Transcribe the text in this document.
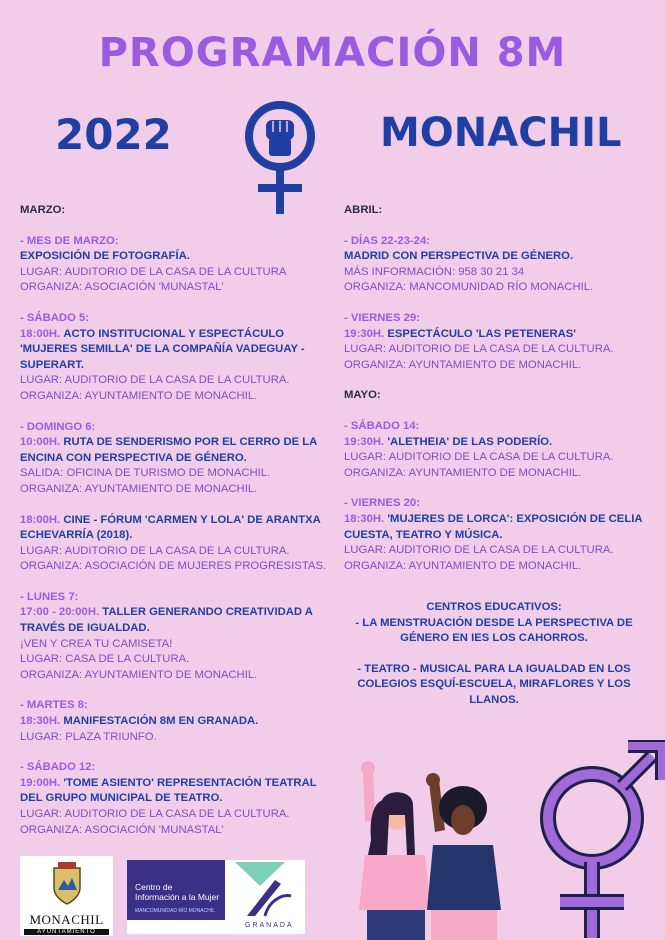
PROGRAMACIÓN 8M
2022	MONACHIL
MARZO:
- MES DE MARZO:
EXPOSICIÓN DE FOTOGRAFÍA.
LUGAR: AUDITORIO DE LA CASA DE LA CULTURA
ORGANIZA: ASOCIACIÓN 'MUNASTAL'
- SÁBADO 5:
18:00H. ACTO INSTITUCIONAL Y ESPECTÁCULO 'MUJERES SEMILLA' DE LA COMPAÑÍA VADEGUAY - SUPERART.
LUGAR: AUDITORIO DE LA CASA DE LA CULTURA.
ORGANIZA: AYUNTAMIENTO DE MONACHIL.
- DOMINGO 6:
10:00H. RUTA DE SENDERISMO POR EL CERRO DE LA ENCINA CON PERSPECTIVA DE GÉNERO.
SALIDA: OFICINA DE TURISMO DE MONACHIL.
ORGANIZA: AYUNTAMIENTO DE MONACHIL.
18:00H. CINE - FÓRUM 'CARMEN Y LOLA' DE ARANTXA ECHEVARRÍA (2018).
LUGAR: AUDITORIO DE LA CASA DE LA CULTURA.
ORGANIZA: ASOCIACIÓN DE MUJERES PROGRESISTAS.
- LUNES 7:
17:00 - 20:00H. TALLER GENERANDO CREATIVIDAD A TRAVÉS DE IGUALDAD.
¡VEN Y CREA TU CAMISETA!
LUGAR: CASA DE LA CULTURA.
ORGANIZA: AYUNTAMIENTO DE MONACHIL.
- MARTES 8:
18:30H. MANIFESTACIÓN 8M EN GRANADA.
LUGAR: PLAZA TRIUNFO.
- SÁBADO 12:
19:00H. 'TOME ASIENTO' REPRESENTACIÓN TEATRAL DEL GRUPO MUNICIPAL DE TEATRO.
LUGAR: AUDITORIO DE LA CASA DE LA CULTURA.
ORGANIZA: ASOCIACIÓN 'MUNASTAL'
ABRIL:
- DÍAS 22-23-24:
MADRID CON PERSPECTIVA DE GÉNERO.
MÁS INFORMACIÓN: 958 30 21 34
ORGANIZA: MANCOMUNIDAD RÍO MONACHIL.
- VIERNES 29:
19:30H. ESPECTÁCULO 'LAS PETENERAS'
LUGAR: AUDITORIO DE LA CASA DE LA CULTURA.
ORGANIZA: AYUNTAMIENTO DE MONACHIL.
MAYO:
- SÁBADO 14:
19:30H. 'ALETHEIA' DE LAS PODERÍO.
LUGAR: AUDITORIO DE LA CASA DE LA CULTURA.
ORGANIZA: AYUNTAMIENTO DE MONACHIL.
- VIERNES 20:
18:30H. 'MUJERES DE LORCA': EXPOSICIÓN DE CELIA CUESTA, TEATRO Y MÚSICA.
LUGAR: AUDITORIO DE LA CASA DE LA CULTURA.
ORGANIZA: AYUNTAMIENTO DE MONACHIL.

CENTROS EDUCATIVOS:

- LA MENSTRUACIÓN DESDE LA PERSPECTIVA DE GÉNERO EN IES LOS CAHORROS.

- TEATRO - MUSICAL PARA LA IGUALDAD EN LOS COLEGIOS ESQUÍ-ESCUELA, MIRAFLORES Y LOS LLANOS.

MONACHIL
AYUNTAMIENTO
Centro de
Información a la Mujer
MANCOMUNIDAD RÍO MONACHIL
GRANADA
